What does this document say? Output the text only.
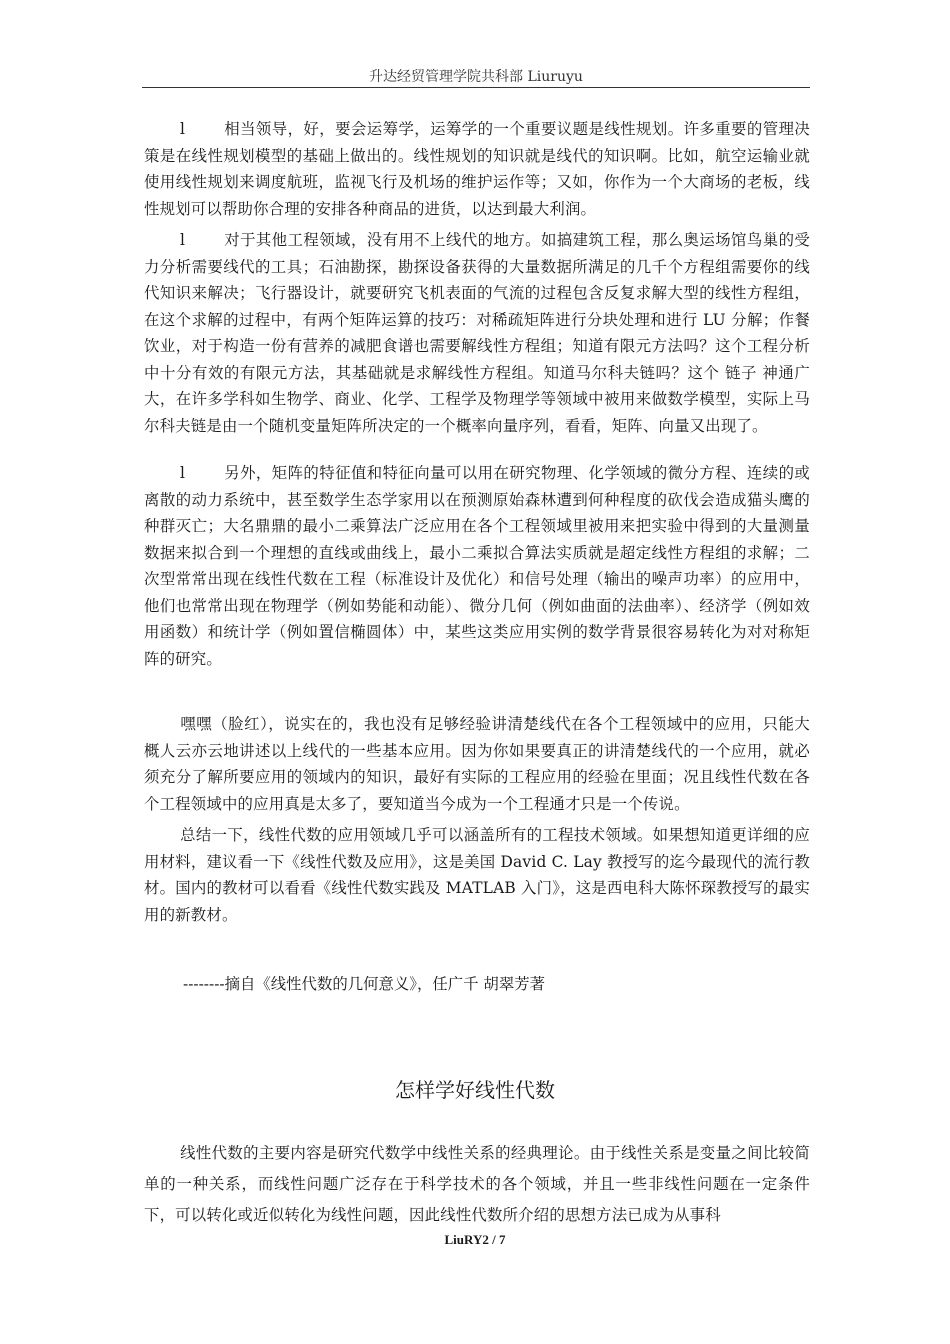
升达经贸管理学院共科部 Liuruyu

l	相当领导，好，要会运筹学，运筹学的一个重要议题是线性规划。许多重要的管理决策是在线性规划模型的基础上做出的。线性规划的知识就是线代的知识啊。比如，航空运输业就使用线性规划来调度航班，监视飞行及机场的维护运作等；又如，你作为一个大商场的老板，线性规划可以帮助你合理的安排各种商品的进货，以达到最大利润。

l	对于其他工程领域，没有用不上线代的地方。如搞建筑工程，那么奥运场馆鸟巢的受力分析需要线代的工具；石油勘探，勘探设备获得的大量数据所满足的几千个方程组需要你的线代知识来解决；飞行器设计，就要研究飞机表面的气流的过程包含反复求解大型的线性方程组，在这个求解的过程中，有两个矩阵运算的技巧：对稀疏矩阵进行分块处理和进行 LU 分解；作餐饮业，对于构造一份有营养的减肥食谱也需要解线性方程组；知道有限元方法吗？这个工程分析中十分有效的有限元方法，其基础就是求解线性方程组。知道马尔科夫链吗？这个 链子 神通广大，在许多学科如生物学、商业、化学、工程学及物理学等领域中被用来做数学模型，实际上马尔科夫链是由一个随机变量矩阵所决定的一个概率向量序列，看看，矩阵、向量又出现了。

l	另外，矩阵的特征值和特征向量可以用在研究物理、化学领域的微分方程、连续的或离散的动力系统中，甚至数学生态学家用以在预测原始森林遭到何种程度的砍伐会造成猫头鹰的种群灭亡；大名鼎鼎的最小二乘算法广泛应用在各个工程领域里被用来把实验中得到的大量测量数据来拟合到一个理想的直线或曲线上，最小二乘拟合算法实质就是超定线性方程组的求解；二次型常常出现在线性代数在工程（标准设计及优化）和信号处理（输出的噪声功率）的应用中，他们也常常出现在物理学（例如势能和动能）、微分几何（例如曲面的法曲率）、经济学（例如效用函数）和统计学（例如置信椭圆体）中，某些这类应用实例的数学背景很容易转化为对对称矩阵的研究。

嘿嘿（脸红），说实在的，我也没有足够经验讲清楚线代在各个工程领域中的应用，只能大概人云亦云地讲述以上线代的一些基本应用。因为你如果要真正的讲清楚线代的一个应用，就必须充分了解所要应用的领域内的知识，最好有实际的工程应用的经验在里面；况且线性代数在各个工程领域中的应用真是太多了，要知道当今成为一个工程通才只是一个传说。

总结一下，线性代数的应用领域几乎可以涵盖所有的工程技术领域。如果想知道更详细的应用材料，建议看一下《线性代数及应用》，这是美国 David C. Lay 教授写的迄今最现代的流行教材。国内的教材可以看看《线性代数实践及 MATLAB 入门》，这是西电科大陈怀琛教授写的最实用的新教材。

--------摘自《线性代数的几何意义》，任广千 胡翠芳著
怎样学好线性代数

线性代数的主要内容是研究代数学中线性关系的经典理论。由于线性关系是变量之间比较简单的一种关系，而线性问题广泛存在于科学技术的各个领域，并且一些非线性问题在一定条件下，可以转化或近似转化为线性问题，因此线性代数所介绍的思想方法已成为从事科

LiuRY2 / 7
